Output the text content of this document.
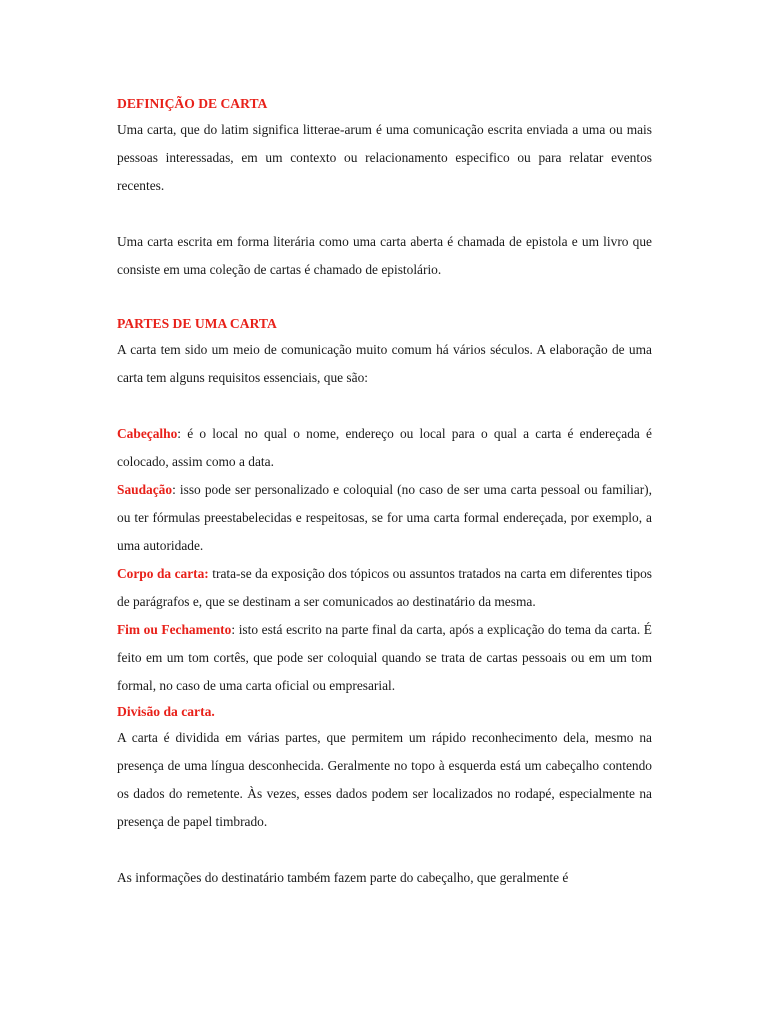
DEFINIÇÃO DE CARTA

Uma carta, que do latim significa litterae-arum é uma comunicação escrita enviada a uma ou mais pessoas interessadas, em um contexto ou relacionamento especifico ou para relatar eventos recentes.

Uma carta escrita em forma literária como uma carta aberta é chamada de epistola e um livro que consiste em uma coleção de cartas é chamado de epistolário.

PARTES DE UMA CARTA

A carta tem sido um meio de comunicação muito comum há vários séculos. A elaboração de uma carta tem alguns requisitos essenciais, que são:

Cabeçalho: é o local no qual o nome, endereço ou local para o qual a carta é endereçada é colocado, assim como a data.

Saudação: isso pode ser personalizado e coloquial (no caso de ser uma carta pessoal ou familiar), ou ter fórmulas preestabelecidas e respeitosas, se for uma carta formal endereçada, por exemplo, a uma autoridade.

Corpo da carta: trata-se da exposição dos tópicos ou assuntos tratados na carta em diferentes tipos de parágrafos e, que se destinam a ser comunicados ao destinatário da mesma.

Fim ou Fechamento: isto está escrito na parte final da carta, após a explicação do tema da carta. É feito em um tom cortês, que pode ser coloquial quando se trata de cartas pessoais ou em um tom formal, no caso de uma carta oficial ou empresarial.

Divisão da carta.

A carta é dividida em várias partes, que permitem um rápido reconhecimento dela, mesmo na presença de uma língua desconhecida. Geralmente no topo à esquerda está um cabeçalho contendo os dados do remetente. Às vezes, esses dados podem ser localizados no rodapé, especialmente na presença de papel timbrado.

As informações do destinatário também fazem parte do cabeçalho, que geralmente é
